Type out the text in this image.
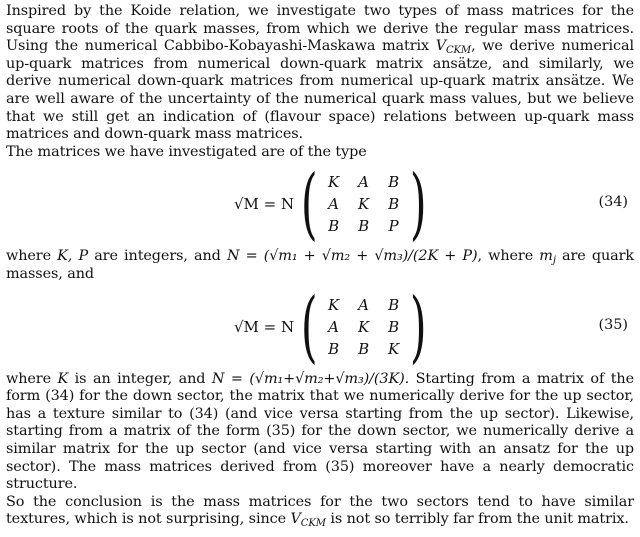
Inspired by the Koide relation, we investigate two types of mass matrices for the square roots of the quark masses, from which we derive the regular mass matrices. Using the numerical Cabbibo-Kobayashi-Maskawa matrix $V_{CKM}$, we derive numerical up-quark matrices from numerical down-quark matrix ansätze, and similarly, we derive numerical down-quark matrices from numerical up-quark matrix ansätze. We are well aware of the uncertainty of the numerical quark mass values, but we believe that we still get an indication of (flavour space) relations between up-quark mass matrices and down-quark mass matrices.

The matrices we have investigated are of the type

√M = N ( K	A	B
A	K	B
B	B	P )	(34)

where K, P are integers, and N = (√m₁ + √m₂ + √m₃)/(2K + P), where $m_j$ are quark masses, and

√M = N ( K	A	B
A	K	B
B	B	K )	(35)

where K is an integer, and N = (√m₁+√m₂+√m₃)/(3K). Starting from a matrix of the form (34) for the down sector, the matrix that we numerically derive for the up sector, has a texture similar to (34) (and vice versa starting from the up sector). Likewise, starting from a matrix of the form (35) for the down sector, we numerically derive a similar matrix for the up sector (and vice versa starting with an ansatz for the up sector). The mass matrices derived from (35) moreover have a nearly democratic structure.

So the conclusion is the mass matrices for the two sectors tend to have similar textures, which is not surprising, since $V_{CKM}$ is not so terribly far from the unit matrix.
